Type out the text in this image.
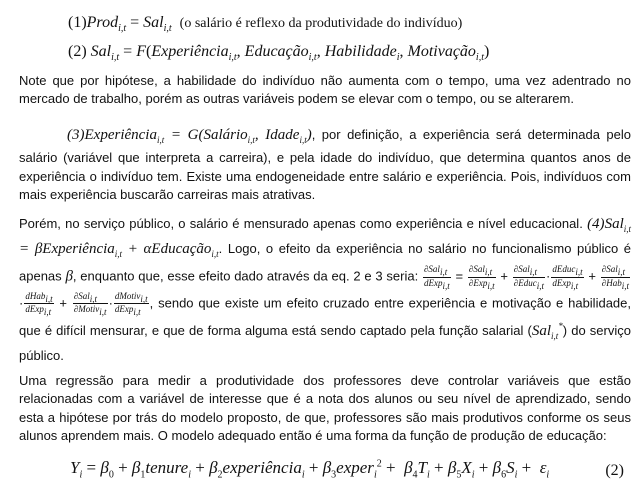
(1)Prod$_{i,t}$ = Sal$_{i,t}$ (o salário é reflexo da produtividade do indivíduo)
(2) Sal$_{i,t}$ = F(Experiência$_{i,t}$, Educação$_{i,t}$, Habilidade$_i$, Motivação$_{i,t}$)
Note que por hipótese, a habilidade do indivíduo não aumenta com o tempo, uma vez adentrado no mercado de trabalho, porém as outras variáveis podem se elevar com o tempo, ou se alterarem.
(3)Experiência$_{i,t}$ = G(Salário$_{i,t}$, Idade$_{i,t}$), por definição, a experiência será determinada pelo salário (variável que interpreta a carreira), e pela idade do indivíduo, que determina quantos anos de experiência o indivíduo tem. Existe uma endogeneidade entre salário e experiência. Pois, indivíduos com mais experiência buscarão carreiras mais atrativas.
Porém, no serviço público, o salário é mensurado apenas como experiência e nível educacional. (4)Sal$_{i,t}$ = βExperiência$_{i,t}$ + αEducação$_{i,t}$. Logo, o efeito da experiência no salário no funcionalismo público é apenas β, enquanto que, esse efeito dado através da eq. 2 e 3 seria: $\frac{\partial Sal_{i,t}}{dExp_{i,t}} = \frac{\partial Sal_{i,t}}{\partial Exp_{i,t}} + \frac{\partial Sal_{i,t}}{\partial Educ_{i,t}} \cdot \frac{dEduc_{i,t}}{dExp_{i,t}} + \frac{\partial Sal_{i,t}}{\partial Hab_{i,t}}$
· $\frac{dHab_{i,t}}{dExp_{i,t}} + \frac{\partial Sal_{i,t}}{\partial Motiv_{i,t}} \cdot \frac{dMotiv_{i,t}}{dExp_{i,t}}$ , sendo que existe um efeito cruzado entre experiência e motivação e habilidade, que é difícil mensurar, e que de forma alguma está sendo captado pela função salarial (Sal$_{i,t}$*) do serviço público.
Uma regressão para medir a produtividade dos professores deve controlar variáveis que estão relacionadas com a variável de interesse que é a nota dos alunos ou seu nível de aprendizado, sendo esta a hipótese por trás do modelo proposto, de que, professores são mais produtivos conforme os seus alunos aprendem mais. O modelo adequado então é uma forma da função de produção de educação:
$Y_i = \beta_0$ + $\beta_1tenure_i$ + $\beta_2experiência_i$ + $\beta_3exper_i^2 + \beta_4T_i + \beta_5X_i + \beta_6S_i + \varepsilon_i$	(2)
